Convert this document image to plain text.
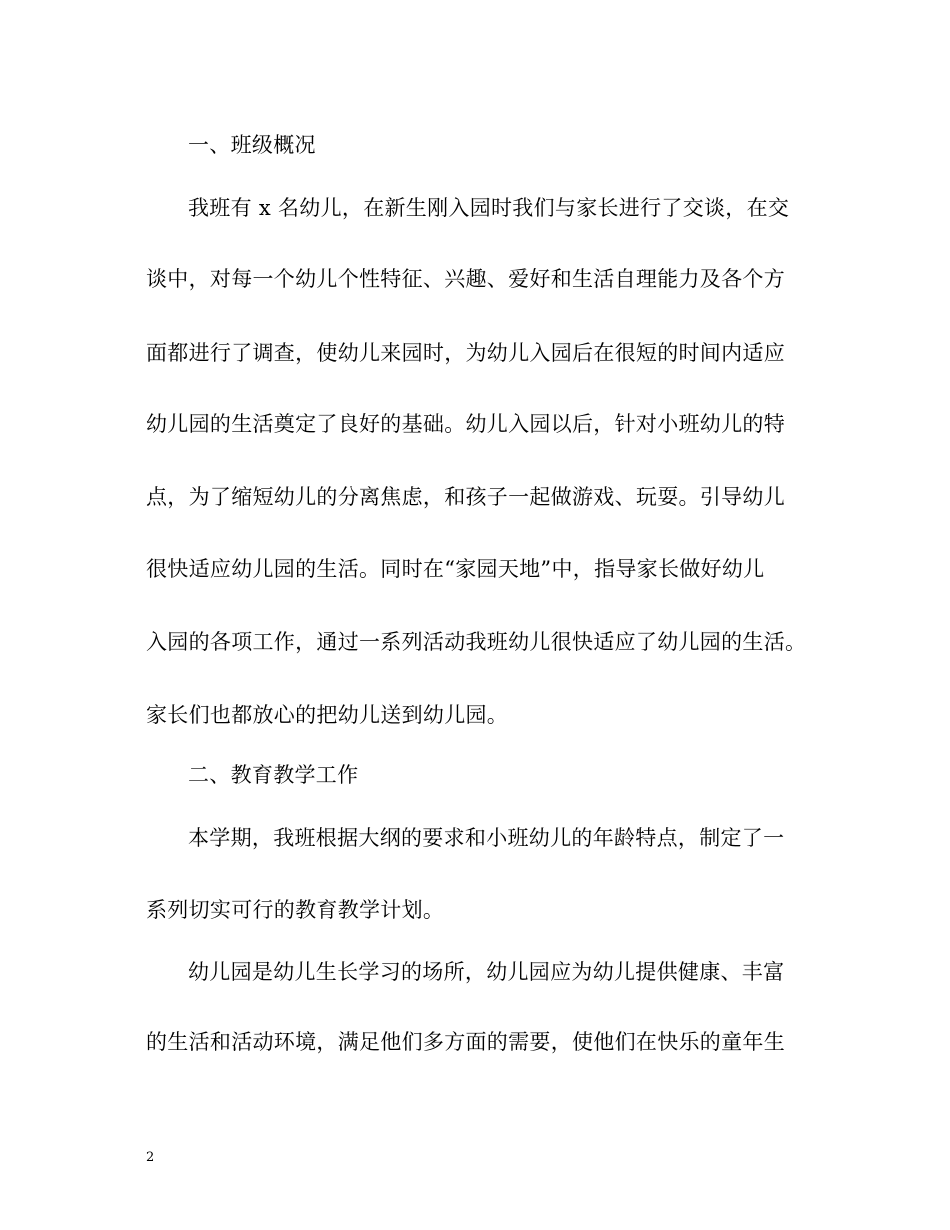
一、班级概况
我班有 x 名幼儿，在新生刚入园时我们与家长进行了交谈，在交
谈中，对每一个幼儿个性特征、兴趣、爱好和生活自理能力及各个方
面都进行了调查，使幼儿来园时，为幼儿入园后在很短的时间内适应
幼儿园的生活奠定了良好的基础。幼儿入园以后，针对小班幼儿的特
点，为了缩短幼儿的分离焦虑，和孩子一起做游戏、玩耍。引导幼儿
很快适应幼儿园的生活。同时在“家园天地”中，指导家长做好幼儿
入园的各项工作，通过一系列活动我班幼儿很快适应了幼儿园的生活。
家长们也都放心的把幼儿送到幼儿园。
二、教育教学工作
本学期，我班根据大纲的要求和小班幼儿的年龄特点，制定了一
系列切实可行的教育教学计划。
幼儿园是幼儿生长学习的场所，幼儿园应为幼儿提供健康、丰富
的生活和活动环境，满足他们多方面的需要，使他们在快乐的童年生
2
